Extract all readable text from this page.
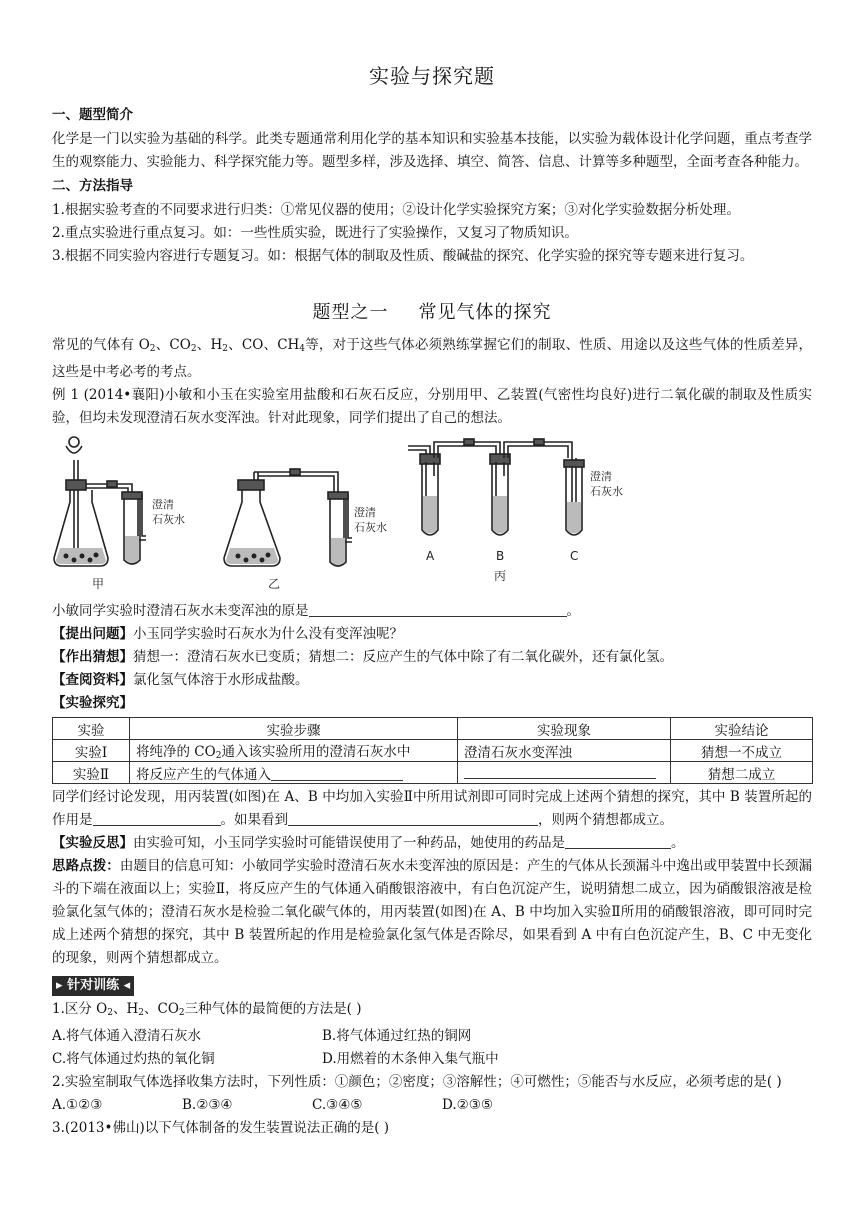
实验与探究题
一、题型简介

化学是一门以实验为基础的科学。此类专题通常利用化学的基本知识和实验基本技能，以实验为载体设计化学问题，重点考查学生的观察能力、实验能力、科学探究能力等。题型多样，涉及选择、填空、简答、信息、计算等多种题型，全面考查各种能力。

二、方法指导

1.根据实验考查的不同要求进行归类：①常见仪器的使用；②设计化学实验探究方案；③对化学实验数据分析处理。

2.重点实验进行重点复习。如：一些性质实验，既进行了实验操作，又复习了物质知识。

3.根据不同实验内容进行专题复习。如：根据气体的制取及性质、酸碱盐的探究、化学实验的探究等专题来进行复习。

题型之一 常见气体的探究

常见的气体有 $O_2$、$CO_2$、$H_2$、CO、$CH_4$等，对于这些气体必须熟练掌握它们的制取、性质、用途以及这些气体的性质差异，这些是中考必考的考点。

例 1 (2014•襄阳)小敏和小玉在实验室用盐酸和石灰石反应，分别用甲、乙装置(气密性均良好)进行二氧化碳的制取及性质实验，但均未发现澄清石灰水变浑浊。针对此现象，同学们提出了自己的想法。

澄清
石灰水
甲
澄清
石灰水
乙
澄清
石灰水
A	B	C
丙

小敏同学实验时澄清石灰水未变浑浊的原是	。

【提出问题】小玉同学实验时石灰水为什么没有变浑浊呢？

【作出猜想】猜想一：澄清石灰水已变质；猜想二：反应产生的气体中除了有二氧化碳外，还有氯化氢。

【查阅资料】氯化氢气体溶于水形成盐酸。

【实验探究】

实验	实验步骤	实验现象	实验结论
实验Ⅰ	将纯净的 $CO_2$通入该实验所用的澄清石灰水中	澄清石灰水变浑浊	猜想一不成立
实验Ⅱ	将反应产生的气体通入		猜想二成立

同学们经讨论发现，用丙装置(如图)在 A、B 中均加入实验Ⅱ中所用试剂即可同时完成上述两个猜想的探究，其中 B 装置所起的作用是	。如果看到	，则两个猜想都成立。

【实验反思】由实验可知，小玉同学实验时可能错误使用了一种药品，她使用的药品是	。

思路点拨：由题目的信息可知：小敏同学实验时澄清石灰水未变浑浊的原因是：产生的气体从长颈漏斗中逸出或甲装置中长颈漏斗的下端在液面以上；实验Ⅱ，将反应产生的气体通入硝酸银溶液中，有白色沉淀产生，说明猜想二成立，因为硝酸银溶液是检验氯化氢气体的；澄清石灰水是检验二氧化碳气体的，用丙装置(如图)在 A、B 中均加入实验Ⅱ所用的硝酸银溶液，即可同时完成上述两个猜想的探究，其中 B 装置所起的作用是检验氯化氢气体是否除尽，如果看到 A 中有白色沉淀产生，B、C 中无变化的现象，则两个猜想都成立。

▸ 针对训练 ◂

1.区分 $O_2$、$H_2$、$CO_2$三种气体的最简便的方法是( )

A.将气体通入澄清石灰水	B.将气体通过红热的铜网
C.将气体通过灼热的氧化铜	D.用燃着的木条伸入集气瓶中

2.实验室制取气体选择收集方法时，下列性质：①颜色；②密度；③溶解性；④可燃性；⑤能否与水反应，必须考虑的是( )

A.①②③	B.②③④	C.③④⑤	D.②③⑤

3.(2013•佛山)以下气体制备的发生装置说法正确的是( )
